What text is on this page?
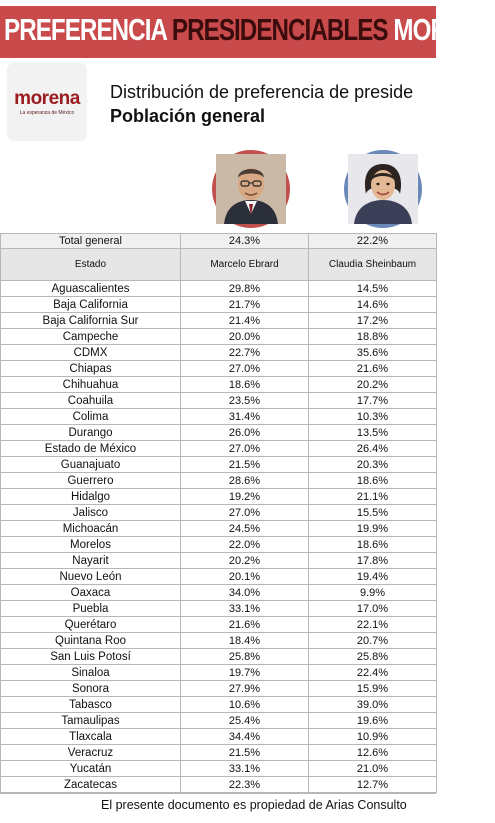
PREFERENCIA PRESIDENCIABLES MORENA
morena
La esperanza de México
Distribución de preferencia de preside
Población general
Total general	24.3%	22.2%
Estado	Marcelo Ebrard	Claudia Sheinbaum
Aguascalientes	29.8%	14.5%
Baja California	21.7%	14.6%
Baja California Sur	21.4%	17.2%
Campeche	20.0%	18.8%
CDMX	22.7%	35.6%
Chiapas	27.0%	21.6%
Chihuahua	18.6%	20.2%
Coahuila	23.5%	17.7%
Colima	31.4%	10.3%
Durango	26.0%	13.5%
Estado de México	27.0%	26.4%
Guanajuato	21.5%	20.3%
Guerrero	28.6%	18.6%
Hidalgo	19.2%	21.1%
Jalisco	27.0%	15.5%
Michoacán	24.5%	19.9%
Morelos	22.0%	18.6%
Nayarit	20.2%	17.8%
Nuevo León	20.1%	19.4%
Oaxaca	34.0%	9.9%
Puebla	33.1%	17.0%
Querétaro	21.6%	22.1%
Quintana Roo	18.4%	20.7%
San Luis Potosí	25.8%	25.8%
Sinaloa	19.7%	22.4%
Sonora	27.9%	15.9%
Tabasco	10.6%	39.0%
Tamaulipas	25.4%	19.6%
Tlaxcala	34.4%	10.9%
Veracruz	21.5%	12.6%
Yucatán	33.1%	21.0%
Zacatecas	22.3%	12.7%
El presente documento es propiedad de Arias Consulto
